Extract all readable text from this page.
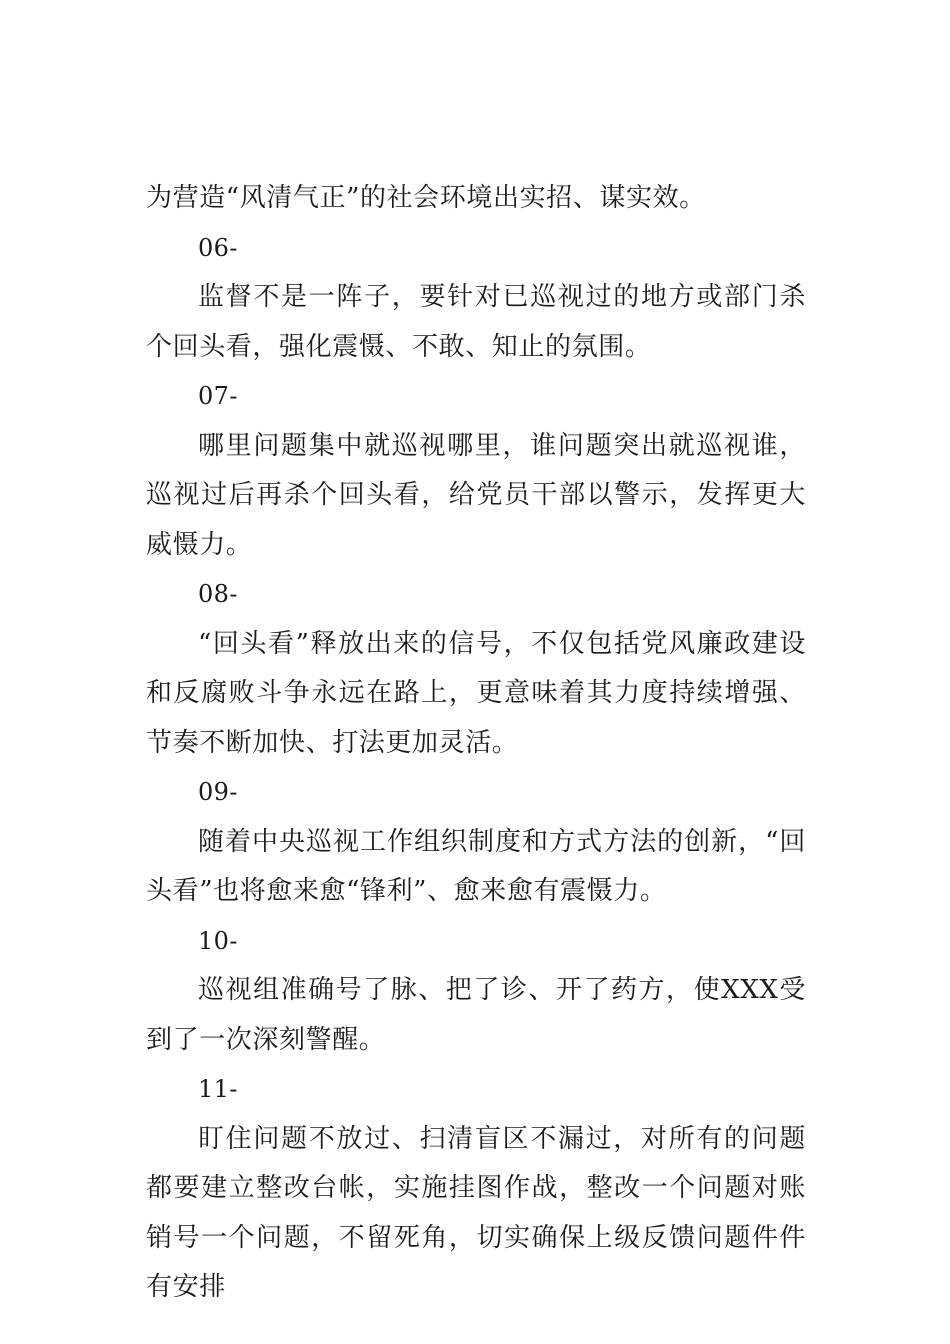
为营造“风清气正”的社会环境出实招、谋实效。

06-

监督不是一阵子，要针对已巡视过的地方或部门杀个回头看，强化震慑、不敢、知止的氛围。

07-

哪里问题集中就巡视哪里，谁问题突出就巡视谁，巡视过后再杀个回头看，给党员干部以警示，发挥更大威慑力。

08-

“回头看”释放出来的信号，不仅包括党风廉政建设和反腐败斗争永远在路上，更意味着其力度持续增强、节奏不断加快、打法更加灵活。

09-

随着中央巡视工作组织制度和方式方法的创新，“回头看”也将愈来愈“锋利”、愈来愈有震慑力。

10-

巡视组准确号了脉、把了诊、开了药方，使XXX受到了一次深刻警醒。

11-

盯住问题不放过、扫清盲区不漏过，对所有的问题都要建立整改台帐，实施挂图作战，整改一个问题对账销号一个问题，不留死角，切实确保上级反馈问题件件有安排
